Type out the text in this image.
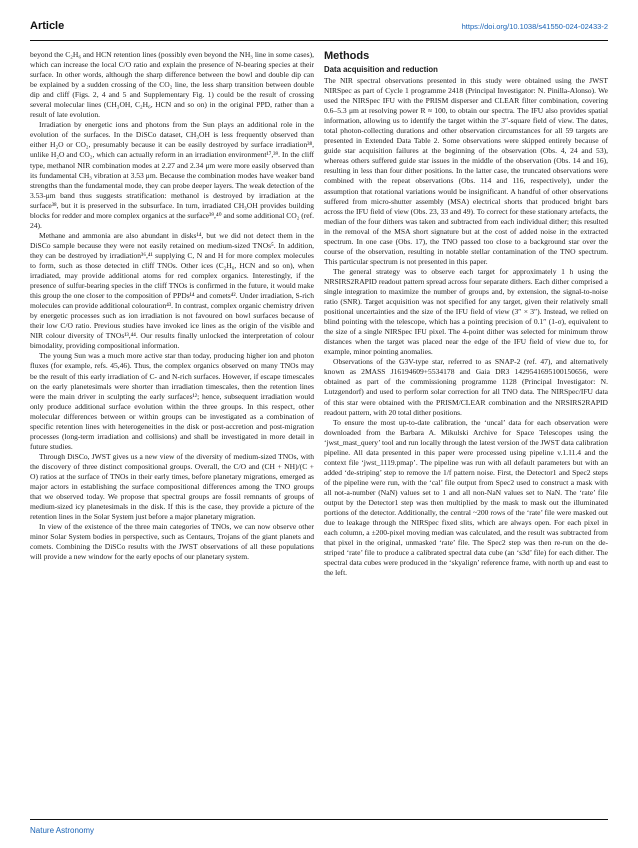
Article	https://doi.org/10.1038/s41550-024-02433-2

beyond the C₂H₆ and HCN retention lines (possibly even beyond the NH₃ line in some cases), which can increase the local C/O ratio and explain the presence of N-bearing species at their surface. In other words, although the sharp difference between the bowl and double dip can be explained by a sudden crossing of the CO₂ line, the less sharp transition between double dip and cliff (Figs. 2, 4 and 5 and Supplementary Fig. 1) could be the result of crossing several molecular lines (CH₃OH, C₂H₆, HCN and so on) in the original PPD, rather than a result of late evolution.

Irradiation by energetic ions and photons from the Sun plays an additional role in the evolution of the surfaces. In the DiSCo dataset, CH₃OH is less frequently observed than either H₂O or CO₂, presumably because it can be easily destroyed by surface irradiation³⁸, unlike H₂O and CO₂, which can actually reform in an irradiation environment¹⁷,³⁹. In the cliff type, methanol NIR combination modes at 2.27 and 2.34 μm were more easily observed than its fundamental CH₃ vibration at 3.53 μm. Because the combination modes have weaker band strengths than the fundamental mode, they can probe deeper layers. The weak detection of the 3.53-μm band thus suggests stratification: methanol is destroyed by irradiation at the surface³⁸, but it is preserved in the subsurface. In turn, irradiated CH₃OH provides building blocks for redder and more complex organics at the surface³⁹,⁴⁰ and some additional CO₂ (ref. 24).

Methane and ammonia are also abundant in disks¹⁴, but we did not detect them in the DiSCo sample because they were not easily retained on medium-sized TNOs⁵. In addition, they can be destroyed by irradiation³⁶,⁴¹ supplying C, N and H for more complex molecules to form, such as those detected in cliff TNOs. Other ices (C₂H₆, HCN and so on), when irradiated, may provide additional atoms for red complex organics. Interestingly, if the presence of sulfur-bearing species in the cliff TNOs is confirmed in the future, it would make this group the one closer to the composition of PPDs¹⁴ and comets⁴². Under irradiation, S-rich molecules can provide additional colouration⁴³. In contrast, complex organic chemistry driven by energetic processes such as ion irradiation is not favoured on bowl surfaces because of their low C/O ratio. Previous studies have invoked ice lines as the origin of the visible and NIR colour diversity of TNOs¹³,⁴⁴. Our results finally unlocked the interpretation of colour bimodality, providing compositional information.

The young Sun was a much more active star than today, producing higher ion and photon fluxes (for example, refs. 45,46). Thus, the complex organics observed on many TNOs may be the result of this early irradiation of C- and N-rich surfaces. However, if escape timescales on the early planetesimals were shorter than irradiation timescales, then the retention lines were the main driver in sculpting the early surfaces¹²; hence, subsequent irradiation would only produce additional surface evolution within the three groups. In this respect, other molecular differences between or within groups can be investigated as a combination of specific retention lines with heterogeneities in the disk or post-accretion and post-migration processes (long-term irradiation and collisions) and shall be investigated in more detail in future studies.

Through DiSCo, JWST gives us a new view of the diversity of medium-sized TNOs, with the discovery of three distinct compositional groups. Overall, the C/O and (CH + NH)/(C + O) ratios at the surface of TNOs in their early times, before planetary migrations, emerged as major actors in establishing the surface compositional differences among the TNO groups that we observed today. We propose that spectral groups are fossil remnants of groups of medium-sized icy planetesimals in the disk. If this is the case, they provide a picture of the retention lines in the Solar System just before a major planetary migration.

In view of the existence of the three main categories of TNOs, we can now observe other minor Solar System bodies in perspective, such as Centaurs, Trojans of the giant planets and comets. Combining the DiSCo results with the JWST observations of all these populations will provide a new window for the early epochs of our planetary system.

Methods
Data acquisition and reduction

The NIR spectral observations presented in this study were obtained using the JWST NIRSpec as part of Cycle 1 programme 2418 (Principal Investigator: N. Pinilla-Alonso). We used the NIRSpec IFU with the PRISM disperser and CLEAR filter combination, covering 0.6–5.3 μm at resolving power R ≈ 100, to obtain our spectra. The IFU also provides spatial information, allowing us to identify the target within the 3″-square field of view. The dates, total photon-collecting durations and other observation circumstances for all 59 targets are presented in Extended Data Table 2. Some observations were skipped entirely because of guide star acquisition failures at the beginning of the observation (Obs. 4, 24 and 53), whereas others suffered guide star issues in the middle of the observation (Obs. 14 and 16), resulting in less than four dither positions. In the latter case, the truncated observations were combined with the repeat observations (Obs. 114 and 116, respectively), under the assumption that rotational variations would be insignificant. A handful of other observations suffered from micro-shutter assembly (MSA) electrical shorts that produced bright bars across the IFU field of view (Obs. 23, 33 and 49). To correct for these stationary artefacts, the median of the four dithers was taken and subtracted from each individual dither; this resulted in the removal of the MSA short signature but at the cost of added noise in the extracted spectrum. In one case (Obs. 17), the TNO passed too close to a background star over the course of the observation, resulting in notable stellar contamination of the TNO spectrum. This particular spectrum is not presented in this paper.

The general strategy was to observe each target for approximately 1 h using the NRSIRS2RAPID readout pattern spread across four separate dithers. Each dither comprised a single integration to maximize the number of groups and, by extension, the signal-to-noise ratio (SNR). Target acquisition was not specified for any target, given their relatively small positional uncertainties and the size of the IFU field of view (3″ × 3″). Instead, we relied on blind pointing with the telescope, which has a pointing precision of 0.1″ (1-σ), equivalent to the size of a single NIRSpec IFU pixel. The 4-point dither was selected for minimum throw distances when the target was placed near the edge of the IFU field of view due to, for example, minor pointing anomalies.

Observations of the G3V-type star, referred to as SNAP-2 (ref. 47), and alternatively known as 2MASS J16194609+5534178 and Gaia DR3 1429541695100150656, were obtained as part of the commissioning programme 1128 (Principal Investigator: N. Lutzgendorf) and used to perform solar correction for all TNO data. The NIRSpec/IFU data of this star were obtained with the PRISM/CLEAR combination and the NRSIRS2RAPID readout pattern, with 20 total dither positions.

To ensure the most up-to-date calibration, the ‘uncal’ data for each observation were downloaded from the Barbara A. Mikulski Archive for Space Telescopes using the ‘jwst_mast_query’ tool and run locally through the latest version of the JWST data calibration pipeline. All data presented in this paper were processed using pipeline v.1.11.4 and the context file ‘jwst_1119.pmap’. The pipeline was run with all default parameters but with an added ‘de-striping’ step to remove the 1/f pattern noise. First, the Detector1 and Spec2 steps of the pipeline were run, with the ‘cal’ file output from Spec2 used to construct a mask with all not-a-number (NaN) values set to 1 and all non-NaN values set to NaN. The ‘rate’ file output by the Detector1 step was then multiplied by the mask to mask out the illuminated portions of the detector. Additionally, the central ~200 rows of the ‘rate’ file were masked out due to leakage through the NIRSpec fixed slits, which are always open. For each pixel in each column, a ±200-pixel moving median was calculated, and the result was subtracted from that pixel in the original, unmasked ‘rate’ file. The Spec2 step was then re-run on the de-striped ‘rate’ file to produce a calibrated spectral data cube (an ‘s3d’ file) for each dither. The spectral data cubes were produced in the ‘skyalign’ reference frame, with north up and east to the left.

Nature Astronomy
